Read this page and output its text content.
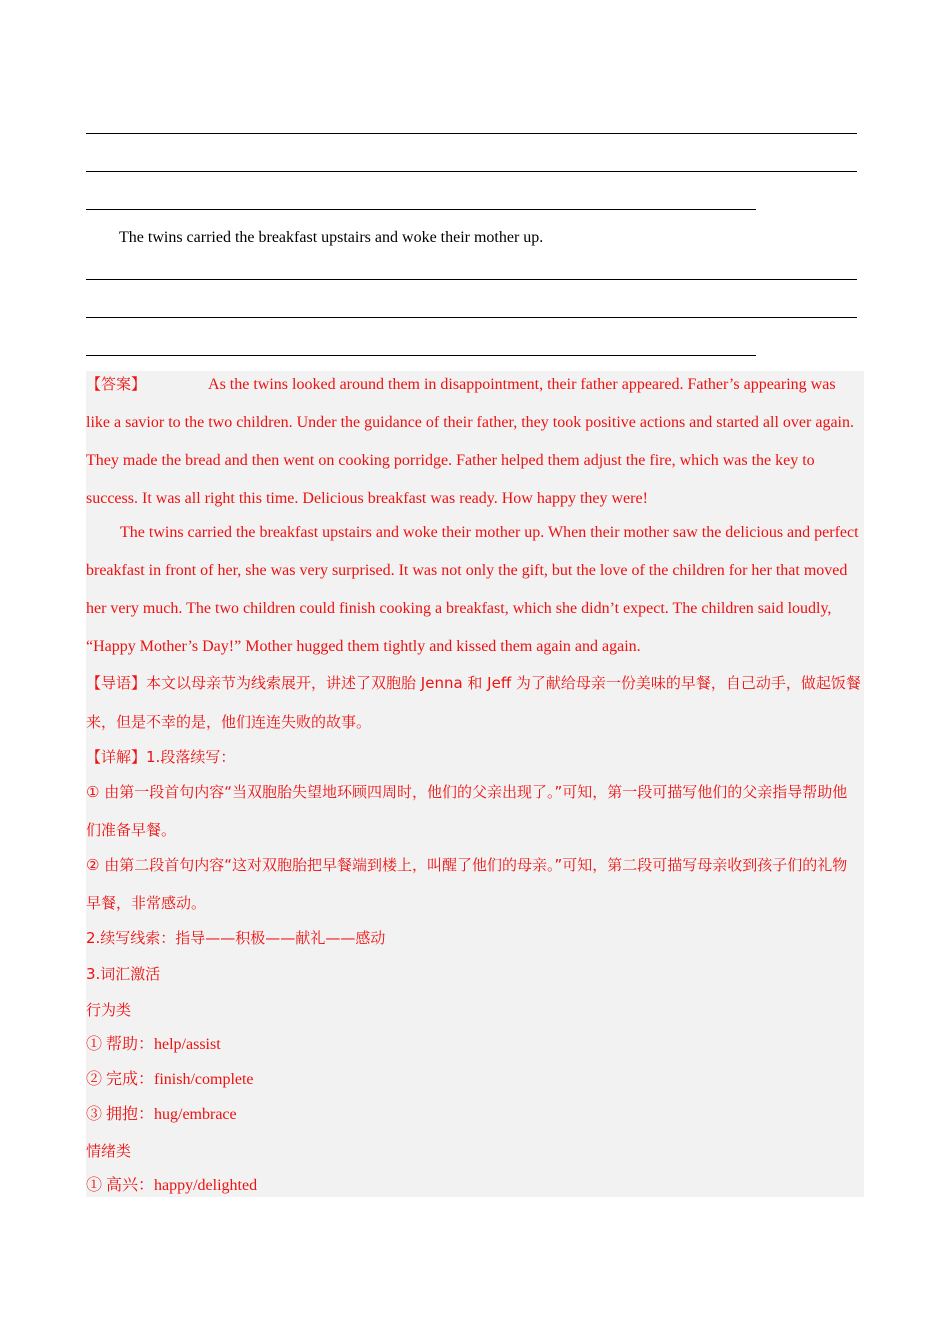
The twins carried the breakfast upstairs and woke their mother up.

【答案】	As the twins looked around them in disappointment, their father appeared. Father’s appearing was like a savior to the two children. Under the guidance of their father, they took positive actions and started all over again. They made the bread and then went on cooking porridge. Father helped them adjust the fire, which was the key to success. It was all right this time. Delicious breakfast was ready. How happy they were!

The twins carried the breakfast upstairs and woke their mother up. When their mother saw the delicious and perfect breakfast in front of her, she was very surprised. It was not only the gift, but the love of the children for her that moved her very much. The two children could finish cooking a breakfast, which she didn’t expect. The children said loudly, “Happy Mother’s Day!” Mother hugged them tightly and kissed them again and again.

【导语】本文以母亲节为线索展开，讲述了双胞胎 Jenna 和 Jeff 为了献给母亲一份美味的早餐，自己动手，做起饭餐来，但是不幸的是，他们连连失败的故事。

【详解】1.段落续写：

① 由第一段首句内容“当双胞胎失望地环顾四周时，他们的父亲出现了。”可知，第一段可描写他们的父亲指导帮助他们准备早餐。

② 由第二段首句内容“这对双胞胎把早餐端到楼上，叫醒了他们的母亲。”可知，第二段可描写母亲收到孩子们的礼物早餐，非常感动。

2.续写线索：指导——积极——献礼——感动

3.词汇激活

行为类

① 帮助：help/assist

② 完成：finish/complete

③ 拥抱：hug/embrace

情绪类

① 高兴：happy/delighted
